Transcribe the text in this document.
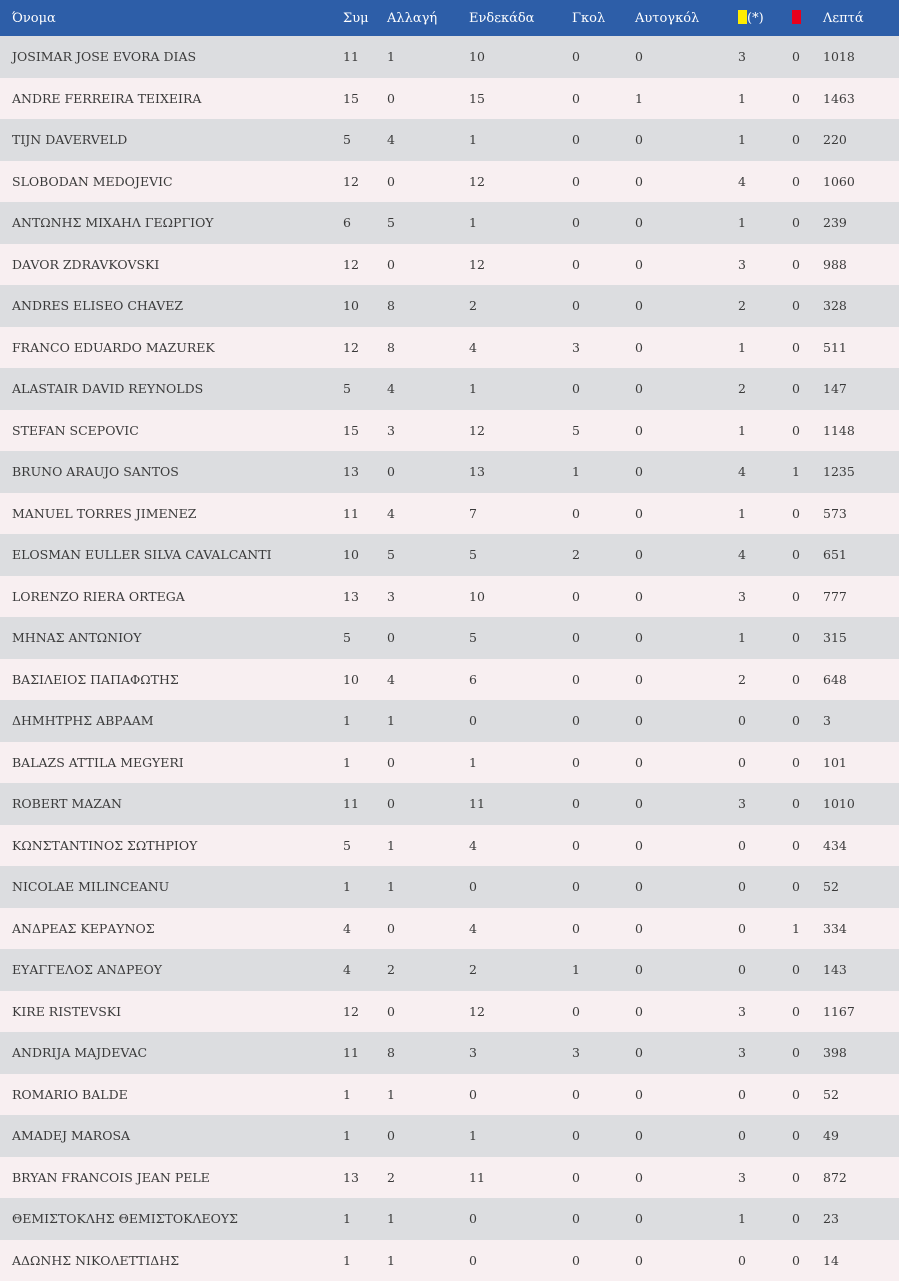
Όνομα	Συμ	Αλλαγή	Ενδεκάδα	Γκολ	Αυτογκόλ	(*)		Λεπτά
JOSIMAR JOSE EVORA DIAS	11	1	10	0	0	3	0	1018
ANDRE FERREIRA TEIXEIRA	15	0	15	0	1	1	0	1463
TIJN DAVERVELD	5	4	1	0	0	1	0	220
SLOBODAN MEDOJEVIC	12	0	12	0	0	4	0	1060
ΑΝΤΩΝΗΣ ΜΙΧΑΗΛ ΓΕΩΡΓΙΟΥ	6	5	1	0	0	1	0	239
DAVOR ZDRAVKOVSKI	12	0	12	0	0	3	0	988
ANDRES ELISEO CHAVEZ	10	8	2	0	0	2	0	328
FRANCO EDUARDO MAZUREK	12	8	4	3	0	1	0	511
ALASTAIR DAVID REYNOLDS	5	4	1	0	0	2	0	147
STEFAN SCEPOVIC	15	3	12	5	0	1	0	1148
BRUNO ARAUJO SANTOS	13	0	13	1	0	4	1	1235
MANUEL TORRES JIMENEZ	11	4	7	0	0	1	0	573
ELOSMAN EULLER SILVA CAVALCANTI	10	5	5	2	0	4	0	651
LORENZO RIERA ORTEGA	13	3	10	0	0	3	0	777
ΜΗΝΑΣ ΑΝΤΩΝΙΟΥ	5	0	5	0	0	1	0	315
ΒΑΣΙΛΕΙΟΣ ΠΑΠΑΦΩΤΗΣ	10	4	6	0	0	2	0	648
ΔΗΜΗΤΡΗΣ ΑΒΡΑΑΜ	1	1	0	0	0	0	0	3
BALAZS ATTILA MEGYERI	1	0	1	0	0	0	0	101
ROBERT MAZAN	11	0	11	0	0	3	0	1010
ΚΩΝΣΤΑΝΤΙΝΟΣ ΣΩΤΗΡΙΟΥ	5	1	4	0	0	0	0	434
NICOLAE MILINCEANU	1	1	0	0	0	0	0	52
ΑΝΔΡΕΑΣ ΚΕΡΑΥΝΟΣ	4	0	4	0	0	0	1	334
ΕΥΑΓΓΕΛΟΣ ΑΝΔΡΕΟΥ	4	2	2	1	0	0	0	143
KIRE RISTEVSKI	12	0	12	0	0	3	0	1167
ANDRIJA MAJDEVAC	11	8	3	3	0	3	0	398
ROMARIO BALDE	1	1	0	0	0	0	0	52
AMADEJ MAROSA	1	0	1	0	0	0	0	49
BRYAN FRANCOIS JEAN PELE	13	2	11	0	0	3	0	872
ΘΕΜΙΣΤΟΚΛΗΣ ΘΕΜΙΣΤΟΚΛΕΟΥΣ	1	1	0	0	0	1	0	23
ΑΔΩΝΗΣ ΝΙΚΟΛΕΤΤΙΔΗΣ	1	1	0	0	0	0	0	14
